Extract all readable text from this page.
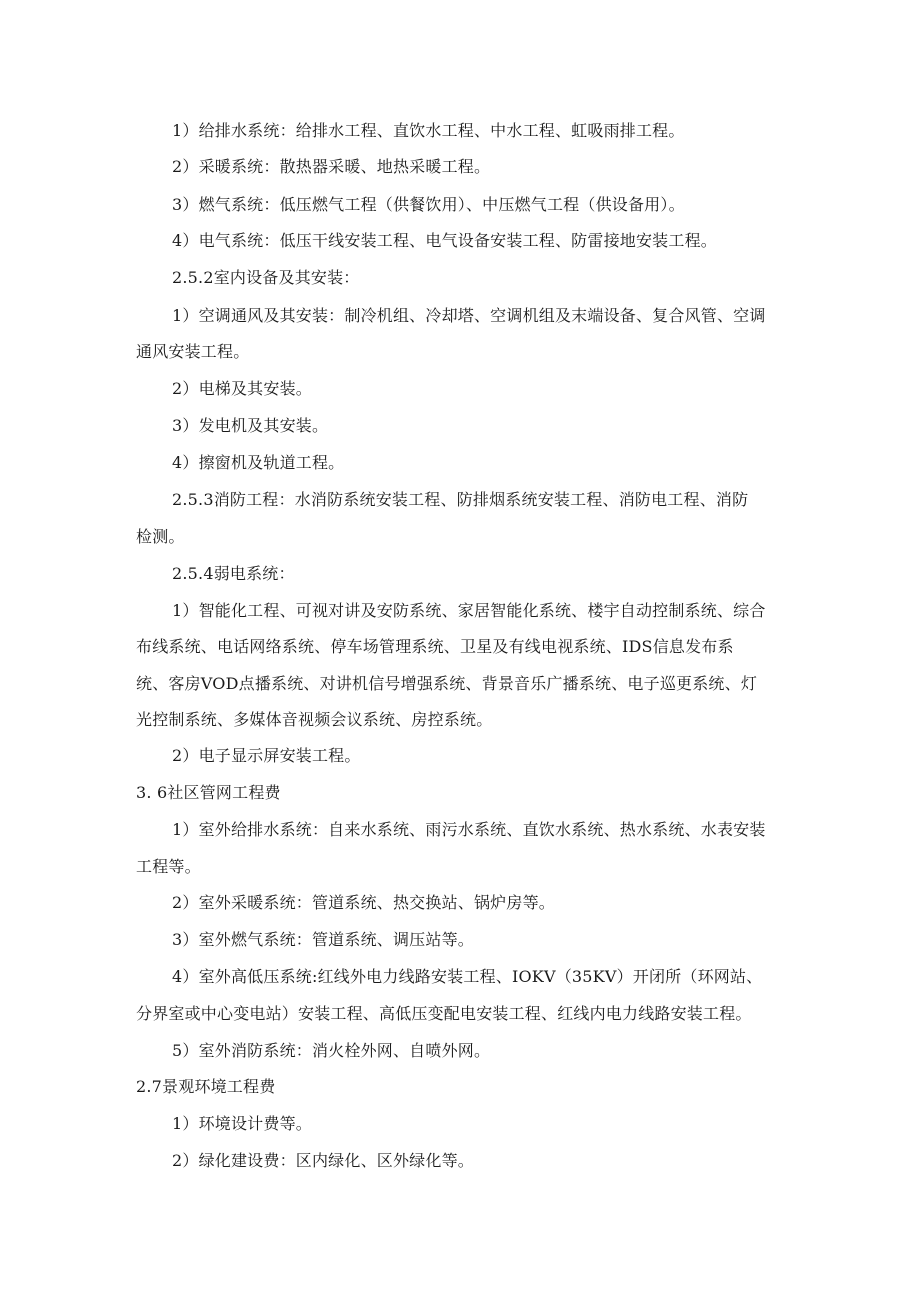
1）给排水系统：给排水工程、直饮水工程、中水工程、虹吸雨排工程。

2）采暖系统：散热器采暖、地热采暖工程。

3）燃气系统：低压燃气工程（供餐饮用）、中压燃气工程（供设备用）。

4）电气系统：低压干线安装工程、电气设备安装工程、防雷接地安装工程。

2.5.2室内设备及其安装：

1）空调通风及其安装：制冷机组、冷却塔、空调机组及末端设备、复合风管、空调

通风安装工程。

2）电梯及其安装。

3）发电机及其安装。

4）擦窗机及轨道工程。

2.5.3消防工程：水消防系统安装工程、防排烟系统安装工程、消防电工程、消防

检测。

2.5.4弱电系统：

1）智能化工程、可视对讲及安防系统、家居智能化系统、楼宇自动控制系统、综合

布线系统、电话网络系统、停车场管理系统、卫星及有线电视系统、IDS信息发布系

统、客房VOD点播系统、对讲机信号增强系统、背景音乐广播系统、电子巡更系统、灯

光控制系统、多媒体音视频会议系统、房控系统。

2）电子显示屏安装工程。

3. 6社区管网工程费

1）室外给排水系统：自来水系统、雨污水系统、直饮水系统、热水系统、水表安装

工程等。

2）室外采暖系统：管道系统、热交换站、锅炉房等。

3）室外燃气系统：管道系统、调压站等。

4）室外高低压系统:红线外电力线路安装工程、IOKV（35KV）开闭所（环网站、

分界室或中心变电站）安装工程、高低压变配电安装工程、红线内电力线路安装工程。

5）室外消防系统：消火栓外网、自喷外网。

2.7景观环境工程费

1）环境设计费等。

2）绿化建设费：区内绿化、区外绿化等。
